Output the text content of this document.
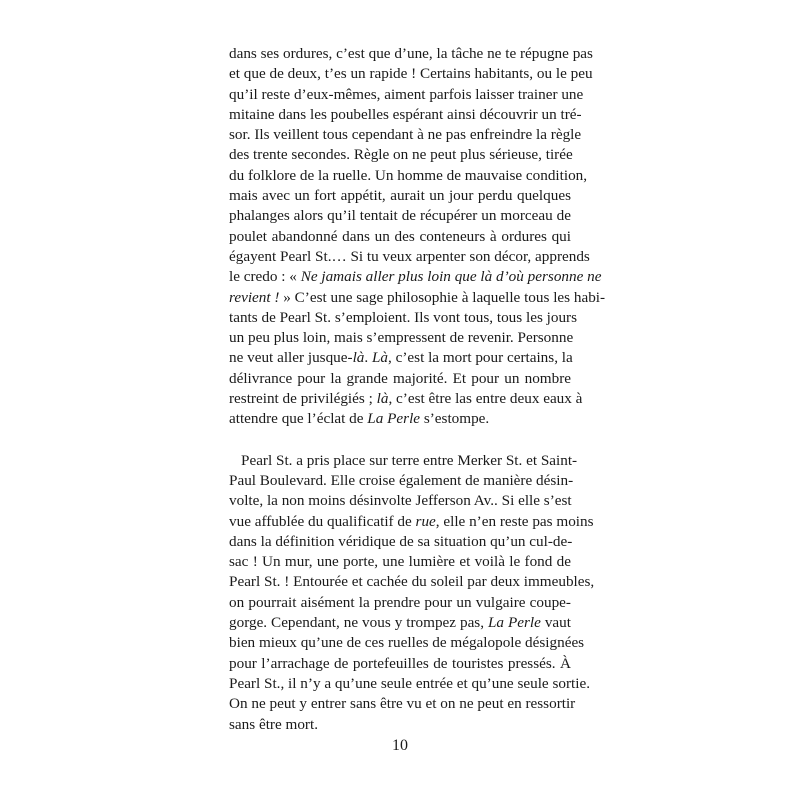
dans ses ordures, c’est que d’une, la tâche ne te répugne pas

et que de deux, t’es un rapide ! Certains habitants, ou le peu

qu’il reste d’eux-mêmes, aiment parfois laisser trainer une

mitaine dans les poubelles espérant ainsi découvrir un tré-

sor. Ils veillent tous cependant à ne pas enfreindre la règle

des trente secondes. Règle on ne peut plus sérieuse, tirée

du folklore de la ruelle. Un homme de mauvaise condition,

mais avec un fort appétit, aurait un jour perdu quelques

phalanges alors qu’il tentait de récupérer un morceau de

poulet abandonné dans un des conteneurs à ordures qui

égayent Pearl St.… Si tu veux arpenter son décor, apprends

le credo : « Ne jamais aller plus loin que là d’où personne ne

revient ! » C’est une sage philosophie à laquelle tous les habi-

tants de Pearl St. s’emploient. Ils vont tous, tous les jours

un peu plus loin, mais s’empressent de revenir. Personne

ne veut aller jusque-là. Là, c’est la mort pour certains, la

délivrance pour la grande majorité. Et pour un nombre

restreint de privilégiés ; là, c’est être las entre deux eaux à

attendre que l’éclat de La Perle s’estompe.

Pearl St. a pris place sur terre entre Merker St. et Saint-

Paul Boulevard. Elle croise également de manière désin-

volte, la non moins désinvolte Jefferson Av.. Si elle s’est

vue affublée du qualificatif de rue, elle n’en reste pas moins

dans la définition véridique de sa situation qu’un cul-de-

sac ! Un mur, une porte, une lumière et voilà le fond de

Pearl St. ! Entourée et cachée du soleil par deux immeubles,

on pourrait aisément la prendre pour un vulgaire coupe-

gorge. Cependant, ne vous y trompez pas, La Perle vaut

bien mieux qu’une de ces ruelles de mégalopole désignées

pour l’arrachage de portefeuilles de touristes pressés. À

Pearl St., il n’y a qu’une seule entrée et qu’une seule sortie.

On ne peut y entrer sans être vu et on ne peut en ressortir

sans être mort.

10
